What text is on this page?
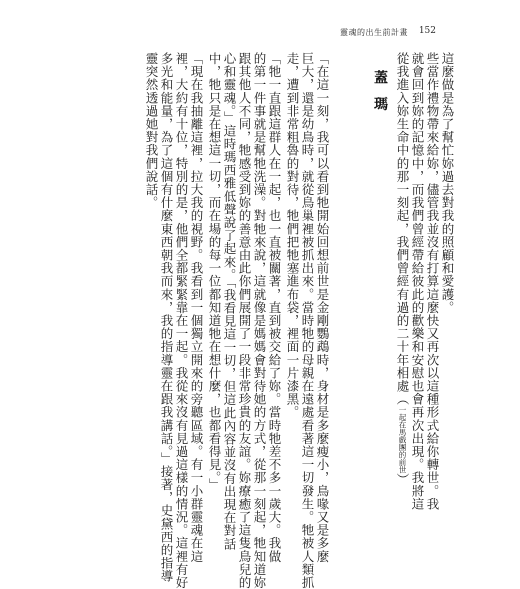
靈魂的出生前計畫 152
蓋 瑪 從我進入妳生命中的那一刻起，我們曾經有過的二十年相處（一起在馬戲團的前世） 就會回到妳的記憶中，而我們曾經帶給彼此的歡樂和安慰也會再次出現。我將這 些當作禮物帶來給妳，儘管我並沒有打算這麼快又再次以這種形式給你轉世。我 這麼做是為了幫忙妳過去對我的照顧和愛護。
「在這一刻，我可以看到牠開始回想前世是金剛鸚鵡時，身材是多麼瘦小，鳥喙又是多麼
巨大，還是幼鳥時，就從鳥巢裡被抓出來。當時牠的母親在遠處看著這一切發生。牠被人類抓
走，遭到非常粗魯的對待，牠們把牠塞進布袋，裡面一片漆黑。
「牠一直跟這群人在一起，也一直被關著，直到被交給了妳。當時牠差不多一歲大。我做
的第一件事就是幫牠洗澡。對牠來說，這就像是媽媽會對待她的方式，從那一刻起，牠知道妳
跟其他人不同，牠感受到妳的善意由此你們展開了一段非常珍貴的友誼。妳療癒了這隻鳥兒的
心和靈魂。」這時瑪西雅低聲說了起來。「我看見這一切，但這此內容並沒有出現在對話
中，牠只是在想這一切，而在場的每一位都知道牠在想什麼，也都看得見。」
「現在我抽離這裡，拉大我的視野。我看到一個獨立開來的旁聽區域。有一小群靈魂在這
裡，大約有十位，特別的是，他們全都緊緊靠在一起。我從來沒有見過這樣的情況。這裡有好
多光和能量，為了這個有什麼東西朝我而來，我的指導靈在跟我講話。」接著，史黛西的指導
靈突然透過她對我們說話。
